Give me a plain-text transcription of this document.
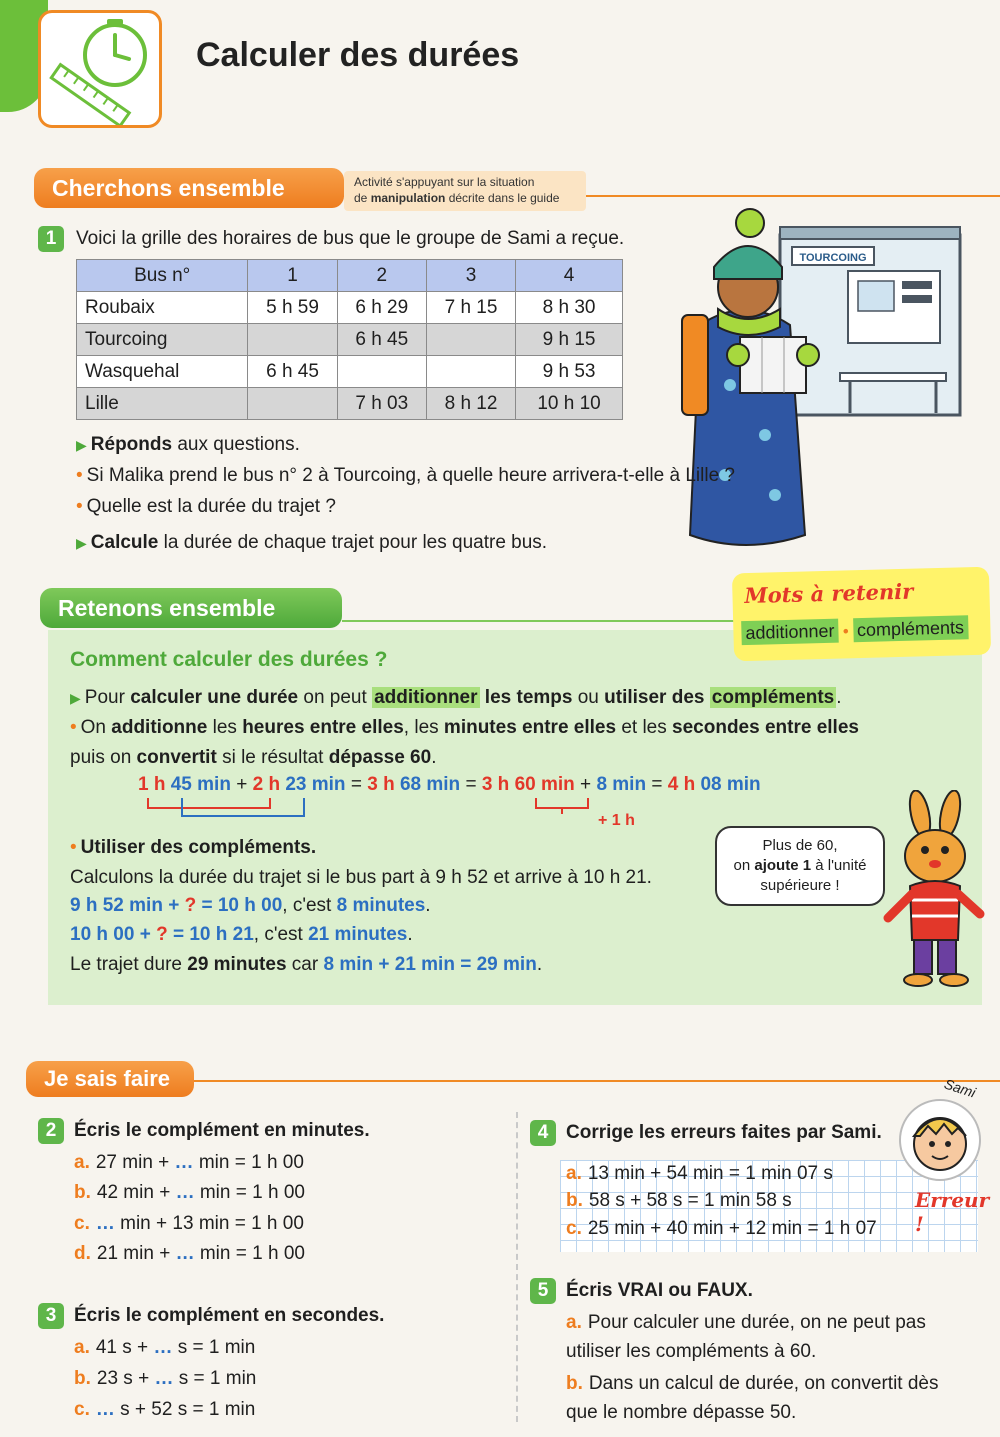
Calculer des durées
Cherchons ensemble	Activité s'appuyant sur la situation
de manipulation décrite dans le guide
1	Voici la grille des horaires de bus que le groupe de Sami a reçue.
Bus n°	1	2	3	4
Roubaix	5 h 59	6 h 29	7 h 15	8 h 30
Tourcoing		6 h 45		9 h 15
Wasquehal	6 h 45			9 h 53
Lille		7 h 03	8 h 12	10 h 10
TOURCOING
▶ Réponds aux questions.
• Si Malika prend le bus n° 2 à Tourcoing, à quelle heure arrivera-t-elle à Lille ?
• Quelle est la durée du trajet ?
▶ Calcule la durée de chaque trajet pour les quatre bus.
Retenons ensemble	Mots à retenir
additionner • compléments
Comment calculer des durées ?
▶ Pour calculer une durée on peut additionner les temps ou utiliser des compléments .
• On additionne les heures entre elles, les minutes entre elles et les secondes entre elles
puis on convertit si le résultat dépasse 60.
1 h 45 min + 2 h 23 min = 3 h 68 min = 3 h 60 min + 8 min = 4 h 08 min
+ 1 h
• Utiliser des compléments.
Calculons la durée du trajet si le bus part à 9 h 52 et arrive à 10 h 21.
9 h 52 min + ? = 10 h 00, c'est 8 minutes.
10 h 00 + ? = 10 h 21, c'est 21 minutes.
Le trajet dure 29 minutes car 8 min + 21 min = 29 min.
Plus de 60,
on ajoute 1 à l'unité
supérieure !
Je sais faire
2 Écris le complément en minutes.
a. 27 min + … min = 1 h 00
b. 42 min + … min = 1 h 00
c. … min + 13 min = 1 h 00
d. 21 min + … min = 1 h 00
3 Écris le complément en secondes.
a. 41 s + … s = 1 min
b. 23 s + … s = 1 min
c. … s + 52 s = 1 min
4 Corrige les erreurs faites par Sami.
a. 13 min + 54 min = 1 min 07 s
b. 58 s + 58 s = 1 min 58 s
c. 25 min + 40 min + 12 min = 1 h 07
Sami
Erreur !
5 Écris VRAI ou FAUX.
a. Pour calculer une durée, on ne peut pas
utiliser les compléments à 60.
b. Dans un calcul de durée, on convertit dès
que le nombre dépasse 50.
